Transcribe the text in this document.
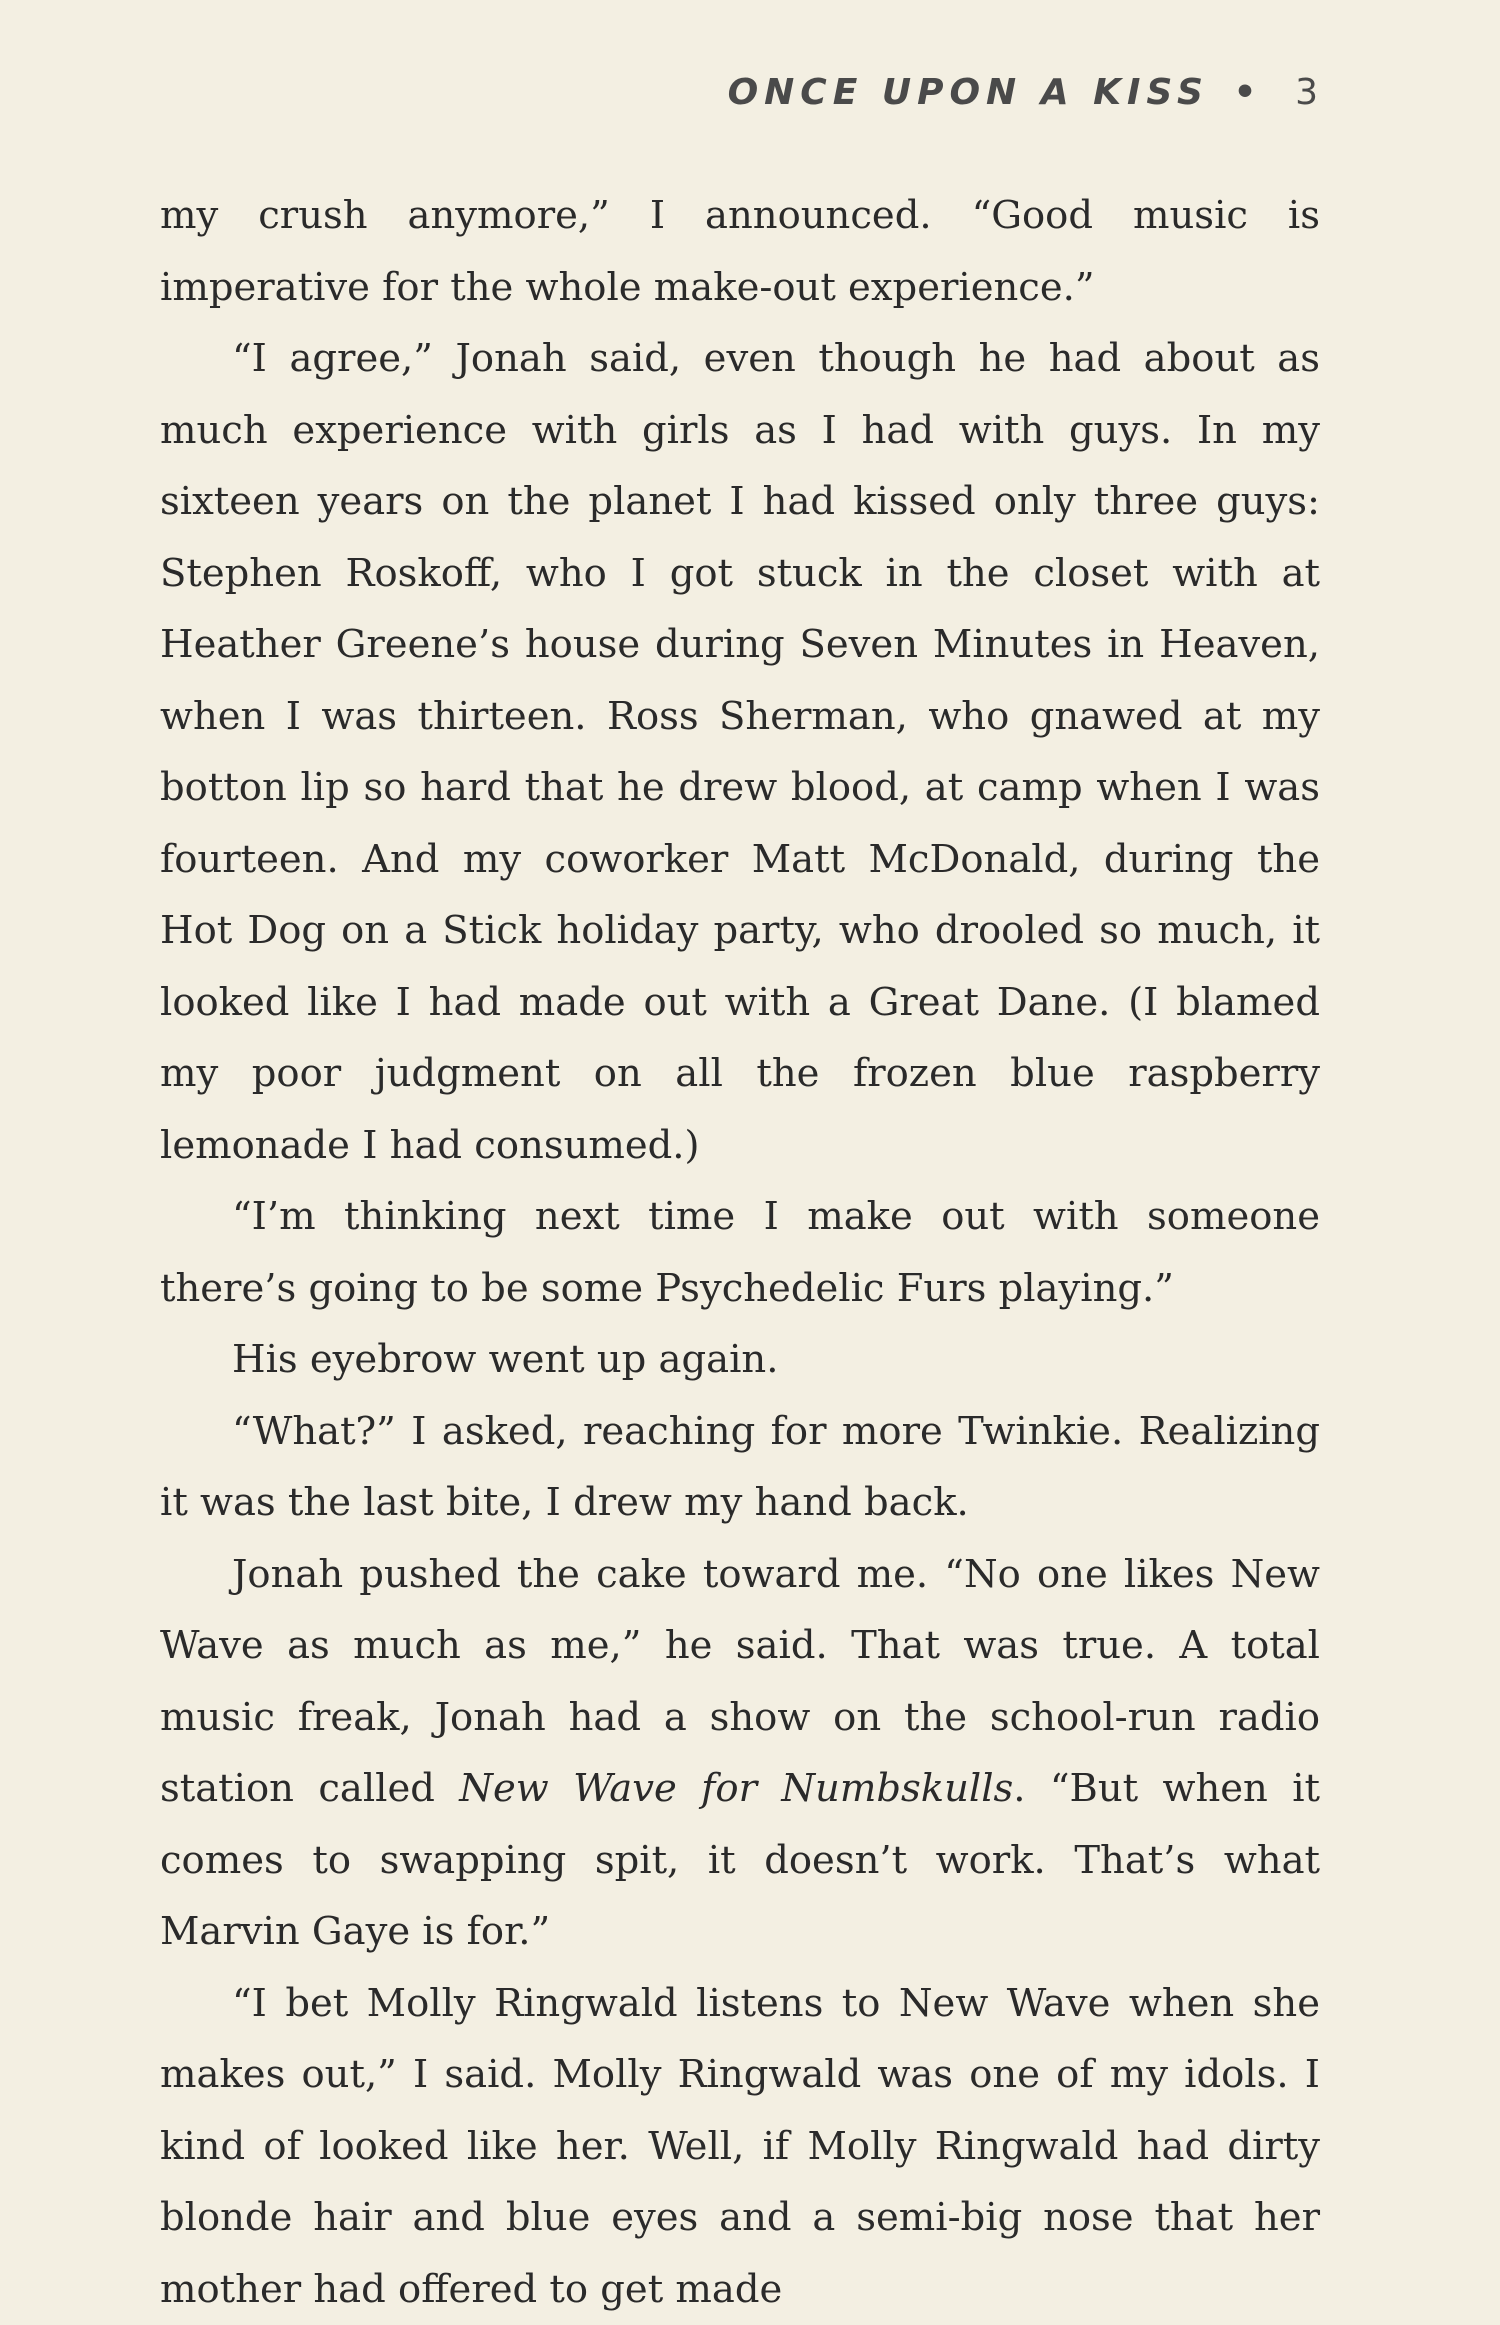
ONCE UPON A KISS • 3

my crush anymore,” I announced. “Good music is imperative for the whole make-out experience.”

“I agree,” Jonah said, even though he had about as much experience with girls as I had with guys. In my sixteen years on the planet I had kissed only three guys: Stephen Roskoff, who I got stuck in the closet with at Heather Greene’s house during Seven Minutes in Heaven, when I was thirteen. Ross Sherman, who gnawed at my botton lip so hard that he drew blood, at camp when I was fourteen. And my coworker Matt McDonald, during the Hot Dog on a Stick holiday party, who drooled so much, it looked like I had made out with a Great Dane. (I blamed my poor judgment on all the frozen blue raspberry lemonade I had consumed.)

“I’m thinking next time I make out with someone there’s going to be some Psychedelic Furs playing.”

His eyebrow went up again.

“What?” I asked, reaching for more Twinkie. Realizing it was the last bite, I drew my hand back.

Jonah pushed the cake toward me. “No one likes New Wave as much as me,” he said. That was true. A total music freak, Jonah had a show on the school-run radio station called New Wave for Numbskulls. “But when it comes to swapping spit, it doesn’t work. That’s what Marvin Gaye is for.”

“I bet Molly Ringwald listens to New Wave when she makes out,” I said. Molly Ringwald was one of my idols. I kind of looked like her. Well, if Molly Ringwald had dirty blonde hair and blue eyes and a semi-big nose that her mother had offered to get made
